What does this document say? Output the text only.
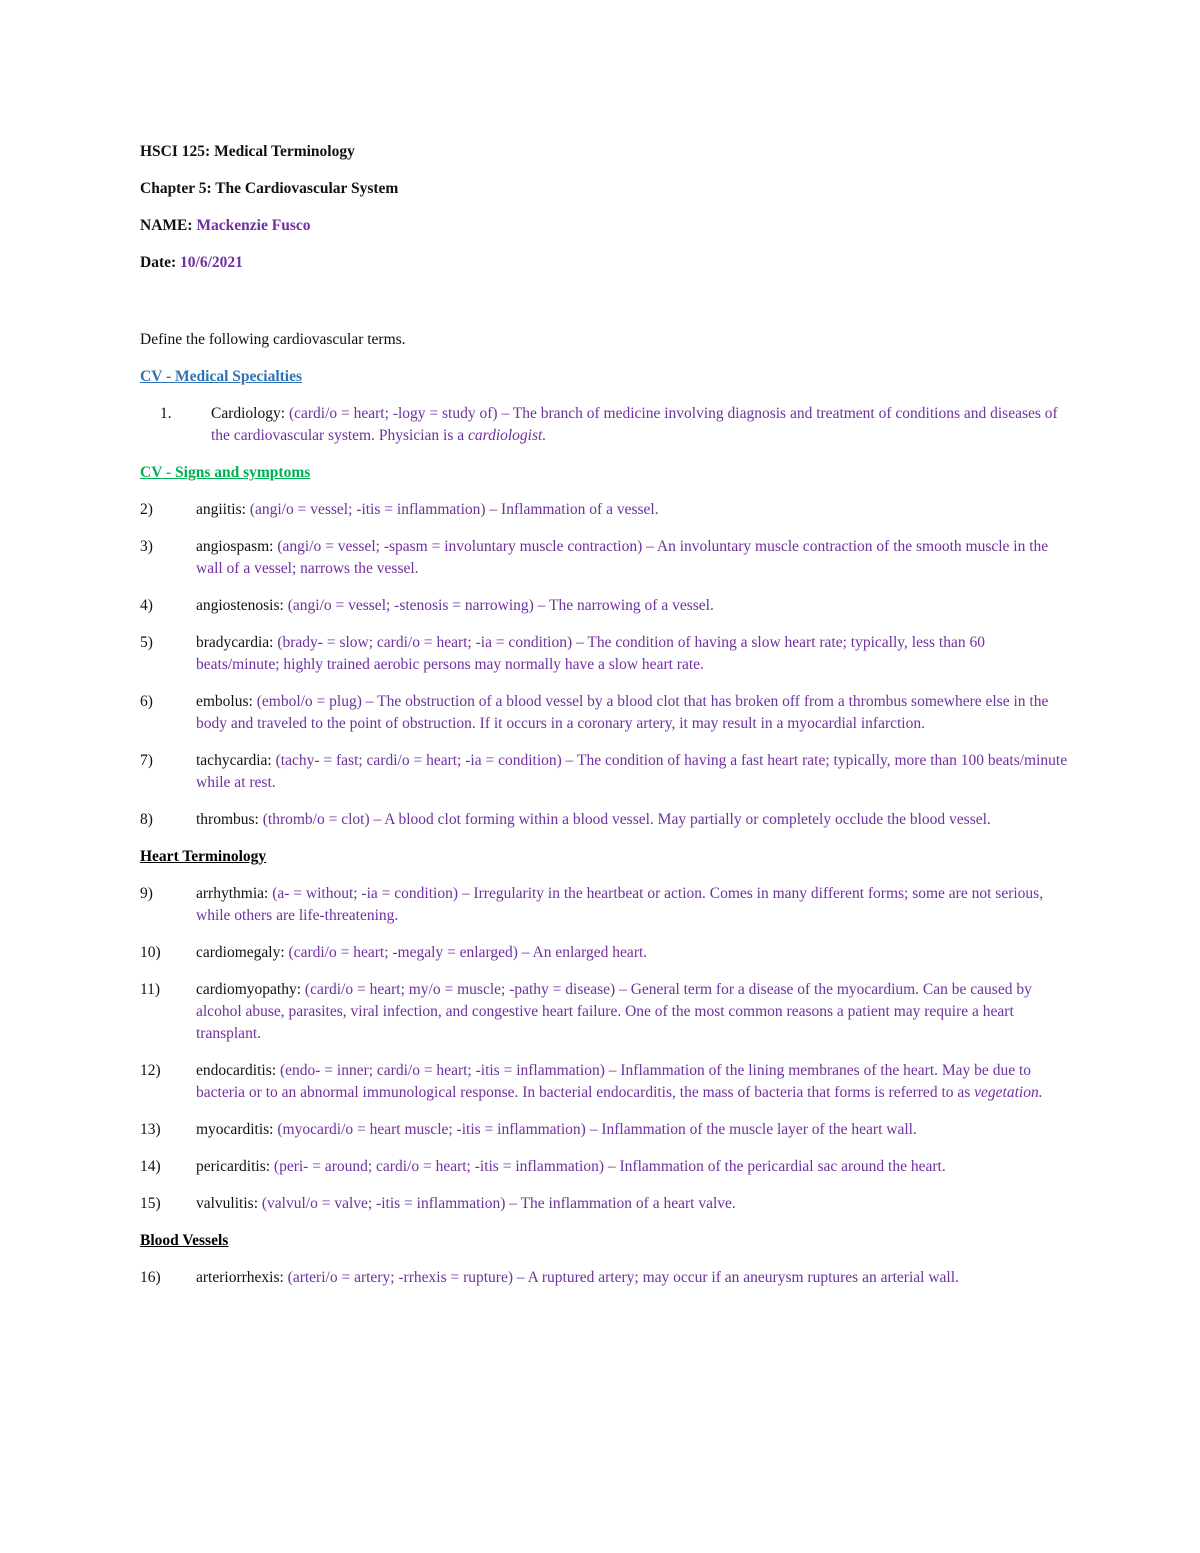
HSCI 125: Medical Terminology

Chapter 5: The Cardiovascular System

NAME: Mackenzie Fusco

Date: 10/6/2021

Define the following cardiovascular terms.

CV - Medical Specialties

1.	Cardiology: (cardi/o = heart; -logy = study of) – The branch of medicine involving diagnosis and treatment of conditions and diseases of the cardiovascular system. Physician is a cardiologist.

CV - Signs and symptoms

2)	angiitis: (angi/o = vessel; -itis = inflammation) – Inflammation of a vessel.
3)	angiospasm: (angi/o = vessel; -spasm = involuntary muscle contraction) – An involuntary muscle contraction of the smooth muscle in the wall of a vessel; narrows the vessel.
4)	angiostenosis: (angi/o = vessel; -stenosis = narrowing) – The narrowing of a vessel.
5)	bradycardia: (brady- = slow; cardi/o = heart; -ia = condition) – The condition of having a slow heart rate; typically, less than 60 beats/minute; highly trained aerobic persons may normally have a slow heart rate.
6)	embolus: (embol/o = plug) – The obstruction of a blood vessel by a blood clot that has broken off from a thrombus somewhere else in the body and traveled to the point of obstruction. If it occurs in a coronary artery, it may result in a myocardial infarction.
7)	tachycardia: (tachy- = fast; cardi/o = heart; -ia = condition) – The condition of having a fast heart rate; typically, more than 100 beats/minute while at rest.
8)	thrombus: (thromb/o = clot) – A blood clot forming within a blood vessel. May partially or completely occlude the blood vessel.

Heart Terminology

9)	arrhythmia: (a- = without; -ia = condition) – Irregularity in the heartbeat or action. Comes in many different forms; some are not serious, while others are life-threatening.
10) cardiomegaly: (cardi/o = heart; -megaly = enlarged) – An enlarged heart.
11) cardiomyopathy: (cardi/o = heart; my/o = muscle; -pathy = disease) – General term for a disease of the myocardium. Can be caused by alcohol abuse, parasites, viral infection, and congestive heart failure. One of the most common reasons a patient may require a heart transplant.
12) endocarditis: (endo- = inner; cardi/o = heart; -itis = inflammation) – Inflammation of the lining membranes of the heart. May be due to bacteria or to an abnormal immunological response. In bacterial endocarditis, the mass of bacteria that forms is referred to as vegetation.
13) myocarditis: (myocardi/o = heart muscle; -itis = inflammation) – Inflammation of the muscle layer of the heart wall.
14) pericarditis: (peri- = around; cardi/o = heart; -itis = inflammation) – Inflammation of the pericardial sac around the heart.
15) valvulitis: (valvul/o = valve; -itis = inflammation) – The inflammation of a heart valve.

Blood Vessels

16) arteriorrhexis: (arteri/o = artery; -rrhexis = rupture) – A ruptured artery; may occur if an aneurysm ruptures an arterial wall.
